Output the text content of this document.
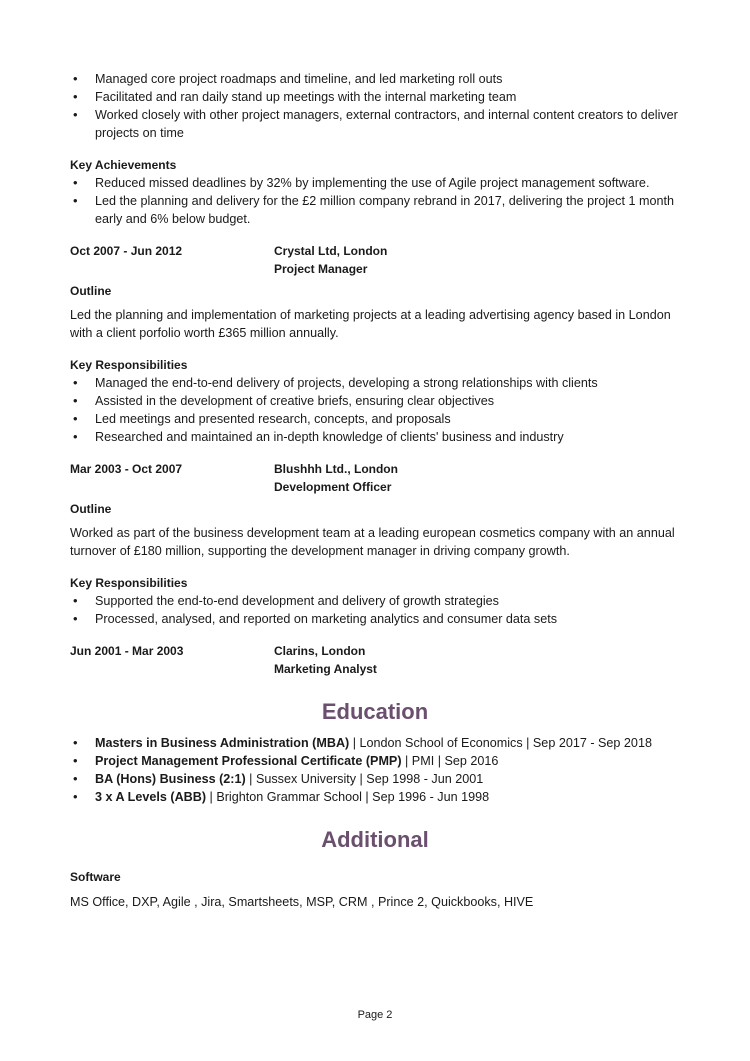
• Managed core project roadmaps and timeline, and led marketing roll outs
• Facilitated and ran daily stand up meetings with the internal marketing team
• Worked closely with other project managers, external contractors, and internal content creators to deliver projects on time

Key Achievements

• Reduced missed deadlines by 32% by implementing the use of Agile project management software.
• Led the planning and delivery for the £2 million company rebrand in 2017, delivering the project 1 month early and 6% below budget.
Oct 2007 - Jun 2012	Crystal Ltd, London
Project Manager

Outline

Led the planning and implementation of marketing projects at a leading advertising agency based in London with a client porfolio worth £365 million annually.

Key Responsibilities

• Managed the end-to-end delivery of projects, developing a strong relationships with clients
• Assisted in the development of creative briefs, ensuring clear objectives
• Led meetings and presented research, concepts, and proposals
• Researched and maintained an in-depth knowledge of clients' business and industry
Mar 2003 - Oct 2007	Blushhh Ltd., London
Development Officer

Outline

Worked as part of the business development team at a leading european cosmetics company with an annual turnover of £180 million, supporting the development manager in driving company growth.

Key Responsibilities

• Supported the end-to-end development and delivery of growth strategies
• Processed, analysed, and reported on marketing analytics and consumer data sets
Jun 2001 - Mar 2003	Clarins, London
Marketing Analyst
Education
• Masters in Business Administration (MBA) | London School of Economics | Sep 2017 - Sep 2018
• Project Management Professional Certificate (PMP) | PMI | Sep 2016
• BA (Hons) Business (2:1) | Sussex University | Sep 1998 - Jun 2001
• 3 x A Levels (ABB) | Brighton Grammar School | Sep 1996 - Jun 1998
Additional

Software

MS Office, DXP, Agile , Jira, Smartsheets, MSP, CRM , Prince 2, Quickbooks, HIVE

Page 2
